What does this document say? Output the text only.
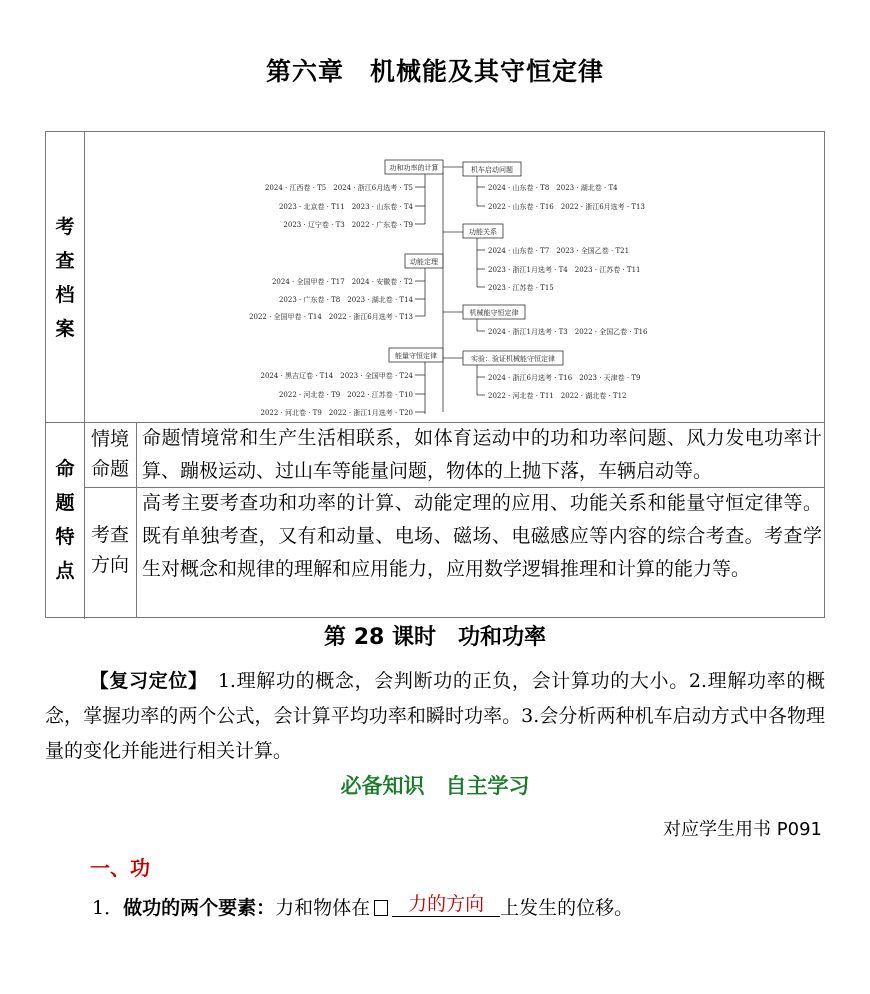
第六章　机械能及其守恒定律
考
查
档
案
功和功率的计算	机车启动问题
功能关系
动能定理
机械能守恒定律
能量守恒定律	实验：验证机械能守恒定律
2024 · 江西卷 · T5　2024 · 浙江6月选考 · T5
2023 · 北京卷 · T11　2023 · 山东卷 · T4
2023 · 辽宁卷 · T3　2022 · 广东卷 · T9
2024 · 全国甲卷 · T17　2024 · 安徽卷 · T2
2023 · 广东卷 · T8　2023 · 湖北卷 · T14
2022 · 全国甲卷 · T14　2022 · 浙江6月选考 · T13
2024 · 黑吉辽卷 · T14　2023 · 全国甲卷 · T24
2022 · 河北卷 · T9　2022 · 江苏卷 · T10
2022 · 河北卷 · T9　2022 · 浙江1月选考 · T20
2024 · 山东卷 · T8　2023 · 湖北卷 · T4
2022 · 山东卷 · T16　2022 · 浙江6月选考 · T13
2024 · 山东卷 · T7　2023 · 全国乙卷 · T21
2023 · 浙江1月选考 · T4　2023 · 江苏卷 · T11
2023 · 江苏卷 · T15
2024 · 浙江1月选考 · T3　2022 · 全国乙卷 · T16
2024 · 浙江6月选考 · T16　2023 · 天津卷 · T9
2022 · 河北卷 · T11　2022 · 湖北卷 · T12
命
题
特
点
情境
命题
命题情境常和生产生活相联系，如体育运动中的功和功率问题、风力发电功率计算、蹦极运动、过山车等能量问题，物体的上抛下落，车辆启动等。
考查
方向
高考主要考查功和功率的计算、动能定理的应用、功能关系和能量守恒定律等。既有单独考查，又有和动量、电场、磁场、电磁感应等内容的综合考查。考查学生对概念和规律的理解和应用能力，应用数学逻辑推理和计算的能力等。
第 28 课时　功和功率
【复习定位】　1.理解功的概念，会判断功的正负，会计算功的大小。2.理解功率的概念，掌握功率的两个公式，会计算平均功率和瞬时功率。3.会分析两种机车启动方式中各物理量的变化并能进行相关计算。
必备知识　自主学习
对应学生用书 P091
一、功
1．做功的两个要素：力和物体在 力的方向 上发生的位移。
